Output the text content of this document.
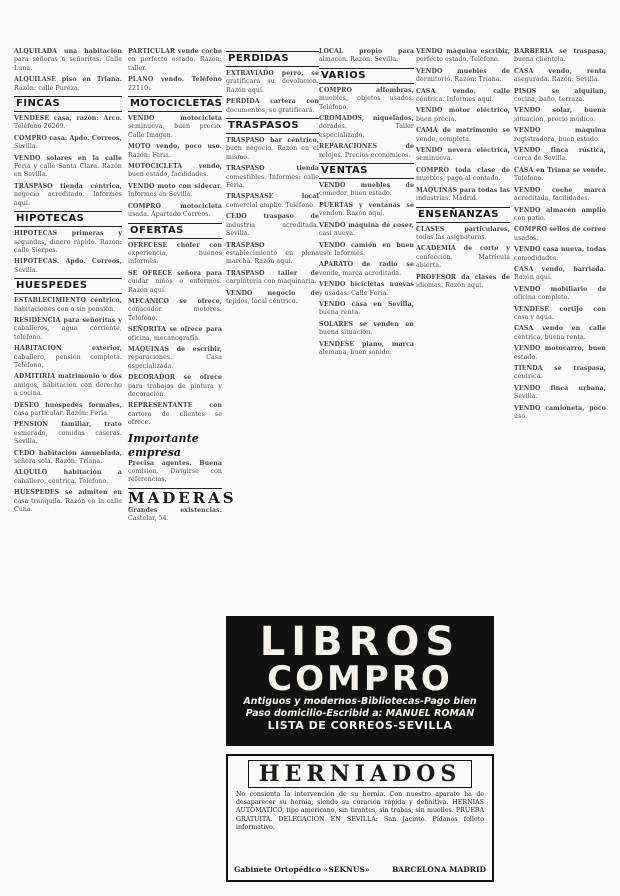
ALQUILADA una habitación para señoras o señoritas. Calle Luna.
ALQUILASE piso en Triana. Razón: calle Pureza.
FINCAS
VENDESE casa, razón: Arco. Teléfono 26269.
COMPRO casa. Apdo. Correos, Sevilla.
VENDO solares en la calle Feria y calle Santa Clara. Razón en Sevilla.
TRASPASO tienda céntrica, negocio acreditado. Informes aquí.
HIPOTECAS
HIPOTECAS primeras y segundas, dinero rápido. Razón: calle Sierpes.
HIPOTECAS. Apdo. Correos, Sevilla.
HUESPEDES
ESTABLECIMIENTO céntrico, habitaciones con o sin pensión.
RESIDENCIA para señoritas y caballeros, agua corriente, teléfono.
HABITACION exterior, caballero, pensión completa. Teléfono.
ADMITIRIA matrimonio o dos amigos, habitación con derecho a cocina.
DESEO huéspedes formales, casa particular. Razón: Feria.
PENSION familiar, trato esmerado, comidas caseras. Sevilla.
CEDO habitación amueblada, señora sola. Razón: Triana.
ALQUILO habitación a caballero, céntrica. Teléfono.
HUESPEDES se admiten en casa tranquila. Razón en la calle Cuna.
PARTICULAR vende coche en perfecto estado. Razón: taller.
PLANO vendo. Teléfono 22110.
MOTOCICLETAS
VENDO motocicleta seminueva, buen precio. Calle Imagen.
MOTO vendo, poco uso. Razón: Feria.
MOTOCICLETA vendo, buen estado, facilidades.
VENDO moto con sidecar. Informes en Sevilla.
COMPRO motocicleta usada. Apartado Correos.
OFERTAS
OFRECESE chófer con experiencia, buenos informes.
SE OFRECE señora para cuidar niños o enfermos. Razón aquí.
MECANICO se ofrece, conocedor motores. Teléfono.
SEÑORITA se ofrece para oficina, mecanografía.
MAQUINAS de escribir, reparaciones. Casa especializada.
DECORADOR se ofrece para trabajos de pintura y decoración.
REPRESENTANTE con cartera de clientes se ofrece.
Importante empresa
Precisa agentes. Buena comisión. Dirigirse con referencias.
MADERAS
Grandes existencias. Castelar, 54.
PERDIDAS
EXTRAVIADO perro, se gratificará su devolución. Razón aquí.
PERDIDA cartera con documentos, se gratificará.
TRASPASOS
TRASPASO bar céntrico, buen negocio. Razón en el mismo.
TRASPASO tienda comestibles. Informes: calle Feria.
TRASPASASE local comercial amplio. Teléfono.
CEDO traspaso de industria acreditada. Sevilla.
TRASPASO establecimiento en plena marcha. Razón aquí.
TRASPASO taller de carpintería con maquinaria.
VENDO negocio de tejidos, local céntrico.
LOCAL propio para almacén. Razón: Sevilla.
VARIOS
COMPRO alfombras, muebles, objetos usados. Teléfono.
CROMADOS, niquelados, dorados. Taller especializado.
REPARACIONES de relojes. Precios económicos.
VENTAS
VENDO muebles de comedor, buen estado.
PUERTAS y ventanas se venden. Razón aquí.
VENDO máquina de coser, casi nueva.
VENDO camión en buen uso. Informes.
APARATO de radio se vende, marca acreditada.
VENDO bicicletas nuevas y usadas. Calle Feria.
VENDO casa en Sevilla, buena renta.
SOLARES se venden en buena situación.
VENDESE piano, marca alemana, buen sonido.
VENDO máquina escribir, perfecto estado. Teléfono.
VENDO muebles de dormitorio. Razón: Triana.
CASA vendo, calle céntrica. Informes aquí.
VENDO motor eléctrico, buen precio.
CAMA de matrimonio se vende, completa.
VENDO nevera eléctrica, seminueva.
COMPRO toda clase de muebles, pago al contado.
MAQUINAS para todas las industrias. Madrid.
ENSEÑANZAS
CLASES particulares, todas las asignaturas.
ACADEMIA de corte y confección. Matrícula abierta.
PROFESOR da clases de idiomas. Razón aquí.
BARBERIA se traspasa, buena clientela.
CASA vendo, renta asegurada. Razón: Sevilla.
PISOS se alquilan, cocina, baño, terraza.
VENDO solar, buena situación, precio módico.
VENDO máquina registradora, buen estado.
VENDO finca rústica, cerca de Sevilla.
CASA en Triana se vende. Teléfono.
VENDO coche marca acreditada, facilidades.
VENDO almacén amplio con patio.
COMPRO sellos de correo usados.
VENDO casa nueva, todas comodidades.
CASA vendo, barriada. Razón aquí.
VENDO mobiliario de oficina completo.
VENDESE cortijo con casa y agua.
CASA vendo en calle céntrica, buena renta.
VENDO motocarro, buen estado.
TIENDA se traspasa, céntrica.
VENDO finca urbana, Sevilla.
VENDO camioneta, poco uso.
LIBROS
COMPRO
Antiguos y modernos-Bibliotecas-Pago bien
Paso domicilio-Escribid a: MANUEL ROMAN
LISTA DE CORREOS-SEVILLA
HERNIADOS
No consienta la intervención de su hernia. Con nuestro aparato ha de desaparecer su hernia, siendo su curación rápida y definitiva. HERNIAS AUTOMATICO, tipo americano, sin tirantes, sin trabas, sin muelles. PRUEBA GRATUITA. DELEGACION EN SEVILLA: San Jacinto. Pídanos folleto informativo.
Gabinete Ortopédico «SEKNUS»	BARCELONA MADRID
